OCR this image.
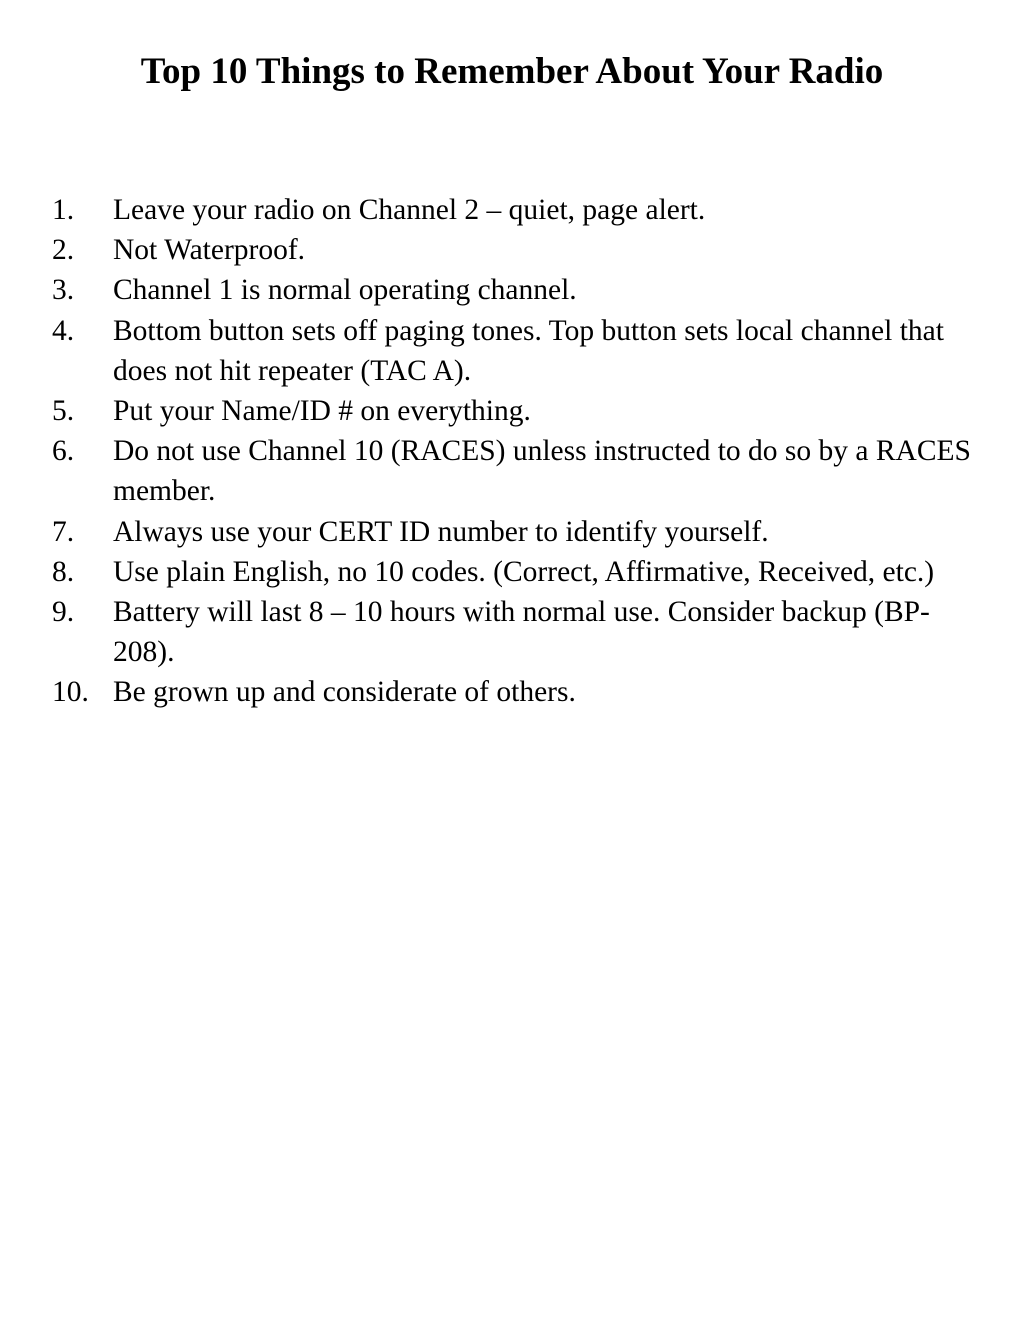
Top 10 Things to Remember About Your Radio
1.	Leave your radio on Channel 2 – quiet, page alert.
2.	Not Waterproof.
3.	Channel 1 is normal operating channel.
4.	Bottom button sets off paging tones. Top button sets local channel that does not hit repeater (TAC A).
5.	Put your Name/ID # on everything.
6.	Do not use Channel 10 (RACES) unless instructed to do so by a RACES member.
7.	Always use your CERT ID number to identify yourself.
8.	Use plain English, no 10 codes. (Correct, Affirmative, Received, etc.)
9.	Battery will last 8 – 10 hours with normal use. Consider backup (BP-208).
10. Be grown up and considerate of others.
